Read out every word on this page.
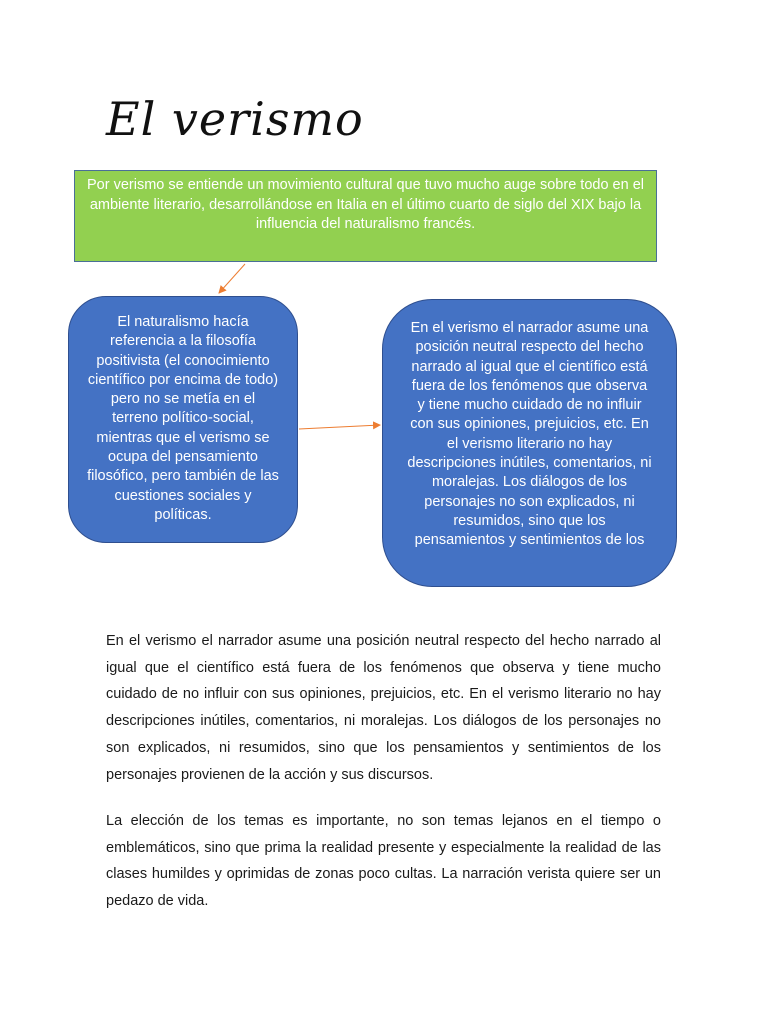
El verismo
Por verismo se entiende un movimiento cultural que tuvo mucho auge sobre todo en el ambiente literario, desarrollándose en Italia en el último cuarto de siglo del XIX bajo la influencia del naturalismo francés.
El naturalismo hacía referencia a la filosofía positivista (el conocimiento científico por encima de todo) pero no se metía en el terreno político-social, mientras que el verismo se ocupa del pensamiento filosófico, pero también de las cuestiones sociales y políticas.
En el verismo el narrador asume una posición neutral respecto del hecho narrado al igual que el científico está fuera de los fenómenos que observa y tiene mucho cuidado de no influir con sus opiniones, prejuicios, etc. En el verismo literario no hay descripciones inútiles, comentarios, ni moralejas. Los diálogos de los personajes no son explicados, ni resumidos, sino que los pensamientos y sentimientos de los

En el verismo el narrador asume una posición neutral respecto del hecho narrado al igual que el científico está fuera de los fenómenos que observa y tiene mucho cuidado de no influir con sus opiniones, prejuicios, etc. En el verismo literario no hay descripciones inútiles, comentarios, ni moralejas. Los diálogos de los personajes no son explicados, ni resumidos, sino que los pensamientos y sentimientos de los personajes provienen de la acción y sus discursos.

La elección de los temas es importante, no son temas lejanos en el tiempo o emblemáticos, sino que prima la realidad presente y especialmente la realidad de las clases humildes y oprimidas de zonas poco cultas. La narración verista quiere ser un pedazo de vida.
